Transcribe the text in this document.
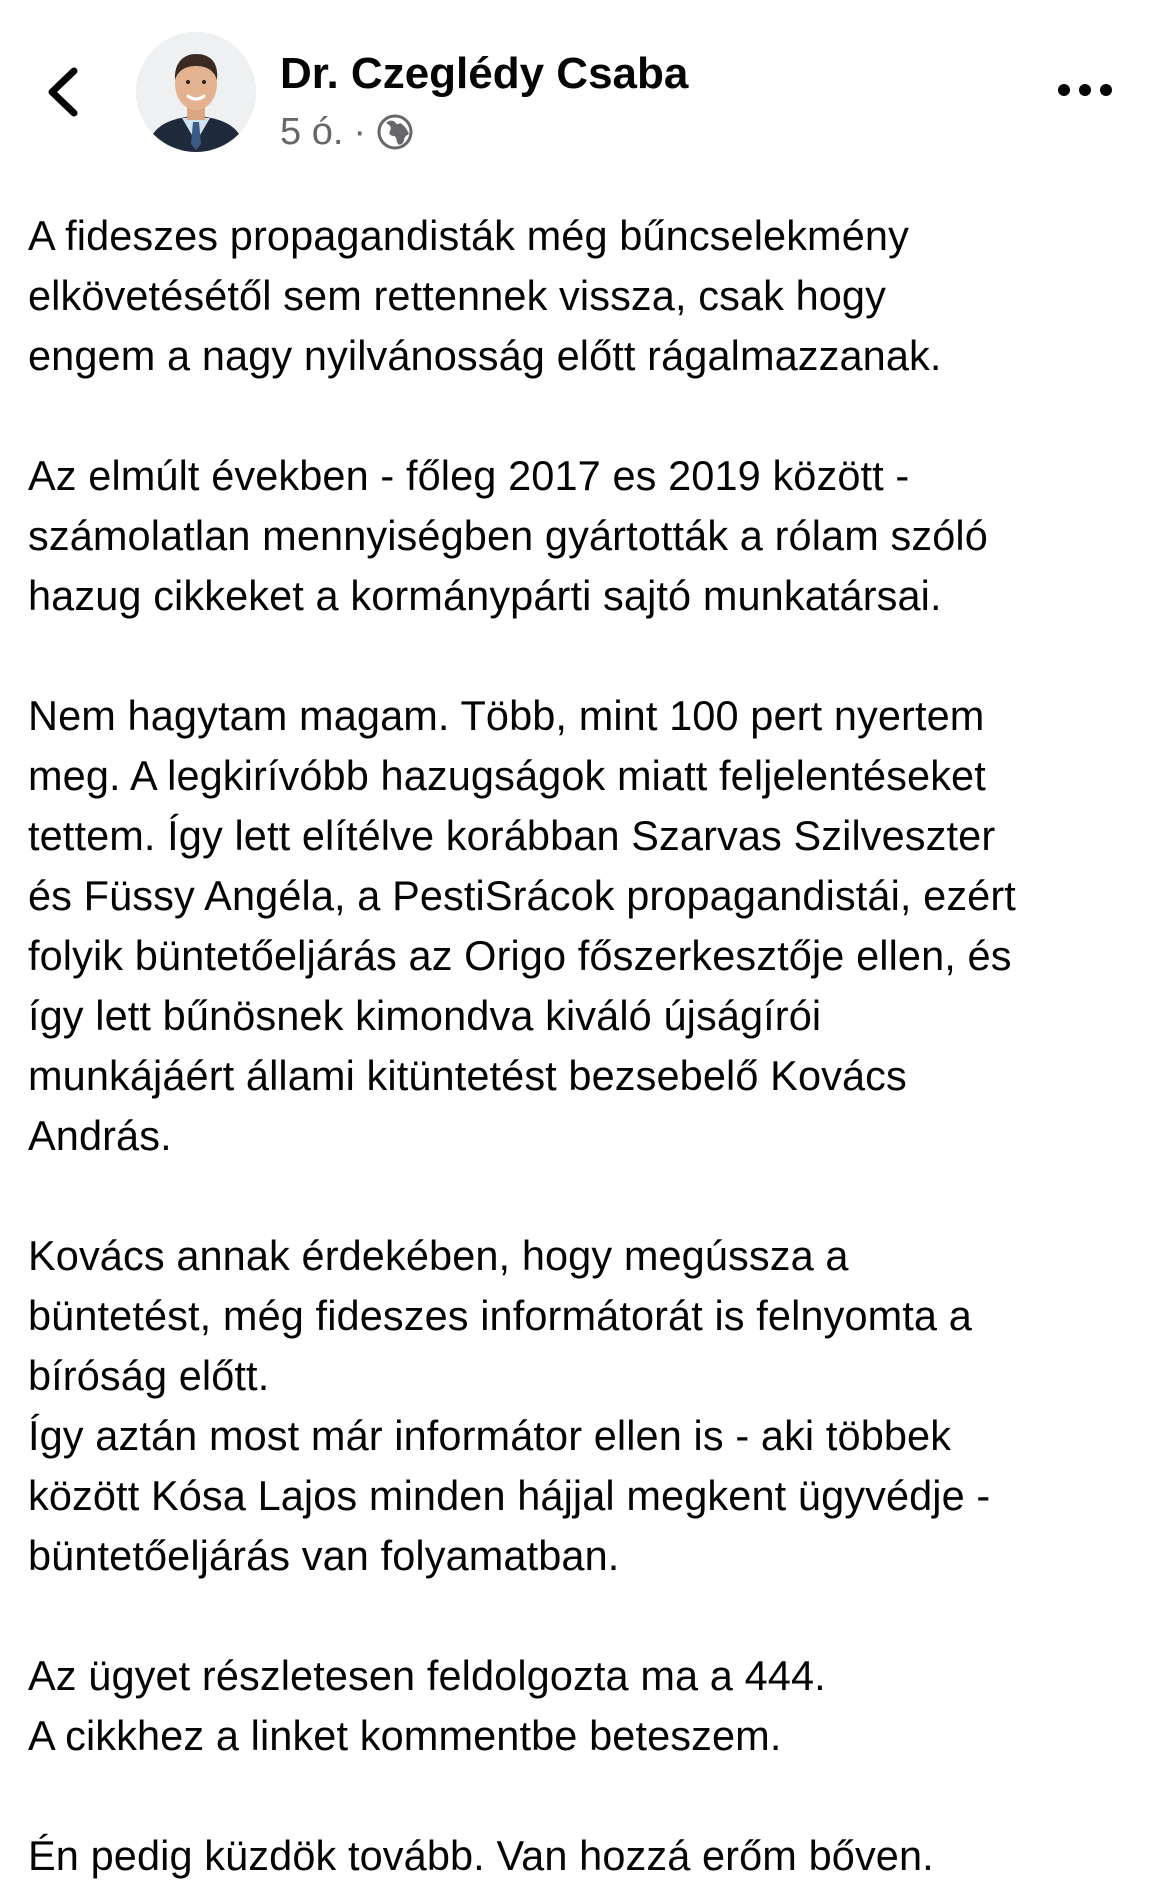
Dr. Czeglédy Csaba
5 ó. ·

A fideszes propagandisták még bűncselekmény
elkövetésétől sem rettennek vissza, csak hogy
engem a nagy nyilvánosság előtt rágalmazzanak.

Az elmúlt években - főleg 2017 es 2019 között -
számolatlan mennyiségben gyártották a rólam szóló
hazug cikkeket a kormánypárti sajtó munkatársai.

Nem hagytam magam. Több, mint 100 pert nyertem
meg. A legkirívóbb hazugságok miatt feljelentéseket
tettem. Így lett elítélve korábban Szarvas Szilveszter
és Füssy Angéla, a PestiSrácok propagandistái, ezért
folyik büntetőeljárás az Origo főszerkesztője ellen, és
így lett bűnösnek kimondva kiváló újságírói
munkájáért állami kitüntetést bezsebelő Kovács
András.

Kovács annak érdekében, hogy megússza a
büntetést, még fideszes informátorát is felnyomta a
bíróság előtt.
Így aztán most már informátor ellen is - aki többek
között Kósa Lajos minden hájjal megkent ügyvédje -
büntetőeljárás van folyamatban.

Az ügyet részletesen feldolgozta ma a 444.
A cikkhez a linket kommentbe beteszem.

Én pedig küzdök tovább. Van hozzá erőm bőven.
